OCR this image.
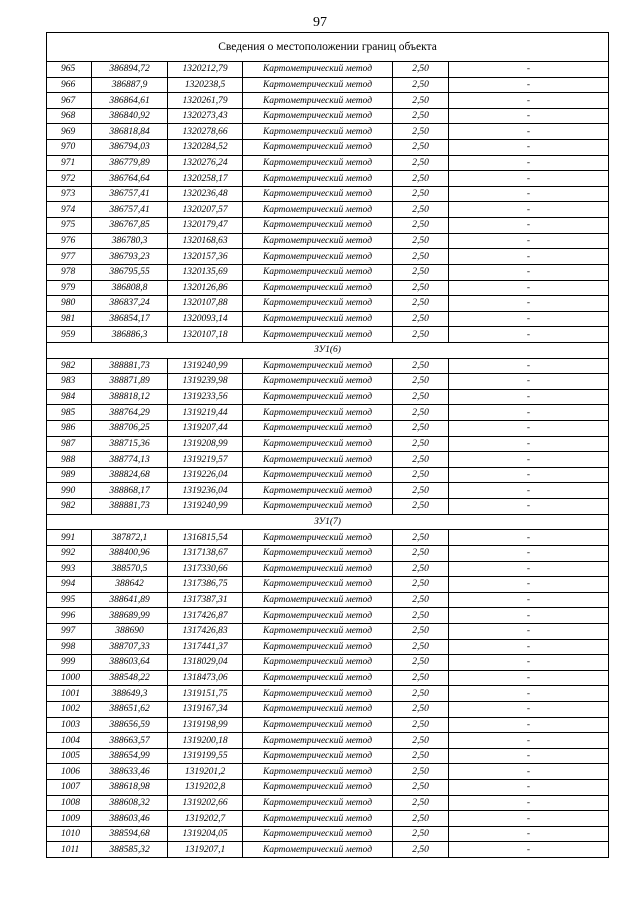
97
Сведения о местоположении границ объекта					
965	386894,72	1320212,79	Картометрический метод	2,50	-
966	386887,9	1320238,5	Картометрический метод	2,50	-
967	386864,61	1320261,79	Картометрический метод	2,50	-
968	386840,92	1320273,43	Картометрический метод	2,50	-
969	386818,84	1320278,66	Картометрический метод	2,50	-
970	386794,03	1320284,52	Картометрический метод	2,50	-
971	386779,89	1320276,24	Картометрический метод	2,50	-
972	386764,64	1320258,17	Картометрический метод	2,50	-
973	386757,41	1320236,48	Картометрический метод	2,50	-
974	386757,41	1320207,57	Картометрический метод	2,50	-
975	386767,85	1320179,47	Картометрический метод	2,50	-
976	386780,3	1320168,63	Картометрический метод	2,50	-
977	386793,23	1320157,36	Картометрический метод	2,50	-
978	386795,55	1320135,69	Картометрический метод	2,50	-
979	386808,8	1320126,86	Картометрический метод	2,50	-
980	386837,24	1320107,88	Картометрический метод	2,50	-
981	386854,17	1320093,14	Картометрический метод	2,50	-
959	386886,3	1320107,18	Картометрический метод	2,50	-
ЗУ1(6)					
982	388881,73	1319240,99	Картометрический метод	2,50	-
983	388871,89	1319239,98	Картометрический метод	2,50	-
984	388818,12	1319233,56	Картометрический метод	2,50	-
985	388764,29	1319219,44	Картометрический метод	2,50	-
986	388706,25	1319207,44	Картометрический метод	2,50	-
987	388715,36	1319208,99	Картометрический метод	2,50	-
988	388774,13	1319219,57	Картометрический метод	2,50	-
989	388824,68	1319226,04	Картометрический метод	2,50	-
990	388868,17	1319236,04	Картометрический метод	2,50	-
982	388881,73	1319240,99	Картометрический метод	2,50	-
ЗУ1(7)					
991	387872,1	1316815,54	Картометрический метод	2,50	-
992	388400,96	1317138,67	Картометрический метод	2,50	-
993	388570,5	1317330,66	Картометрический метод	2,50	-
994	388642	1317386,75	Картометрический метод	2,50	-
995	388641,89	1317387,31	Картометрический метод	2,50	-
996	388689,99	1317426,87	Картометрический метод	2,50	-
997	388690	1317426,83	Картометрический метод	2,50	-
998	388707,33	1317441,37	Картометрический метод	2,50	-
999	388603,64	1318029,04	Картометрический метод	2,50	-
1000	388548,22	1318473,06	Картометрический метод	2,50	-
1001	388649,3	1319151,75	Картометрический метод	2,50	-
1002	388651,62	1319167,34	Картометрический метод	2,50	-
1003	388656,59	1319198,99	Картометрический метод	2,50	-
1004	388663,57	1319200,18	Картометрический метод	2,50	-
1005	388654,99	1319199,55	Картометрический метод	2,50	-
1006	388633,46	1319201,2	Картометрический метод	2,50	-
1007	388618,98	1319202,8	Картометрический метод	2,50	-
1008	388608,32	1319202,66	Картометрический метод	2,50	-
1009	388603,46	1319202,7	Картометрический метод	2,50	-
1010	388594,68	1319204,05	Картометрический метод	2,50	-
1011	388585,32	1319207,1	Картометрический метод	2,50	-
